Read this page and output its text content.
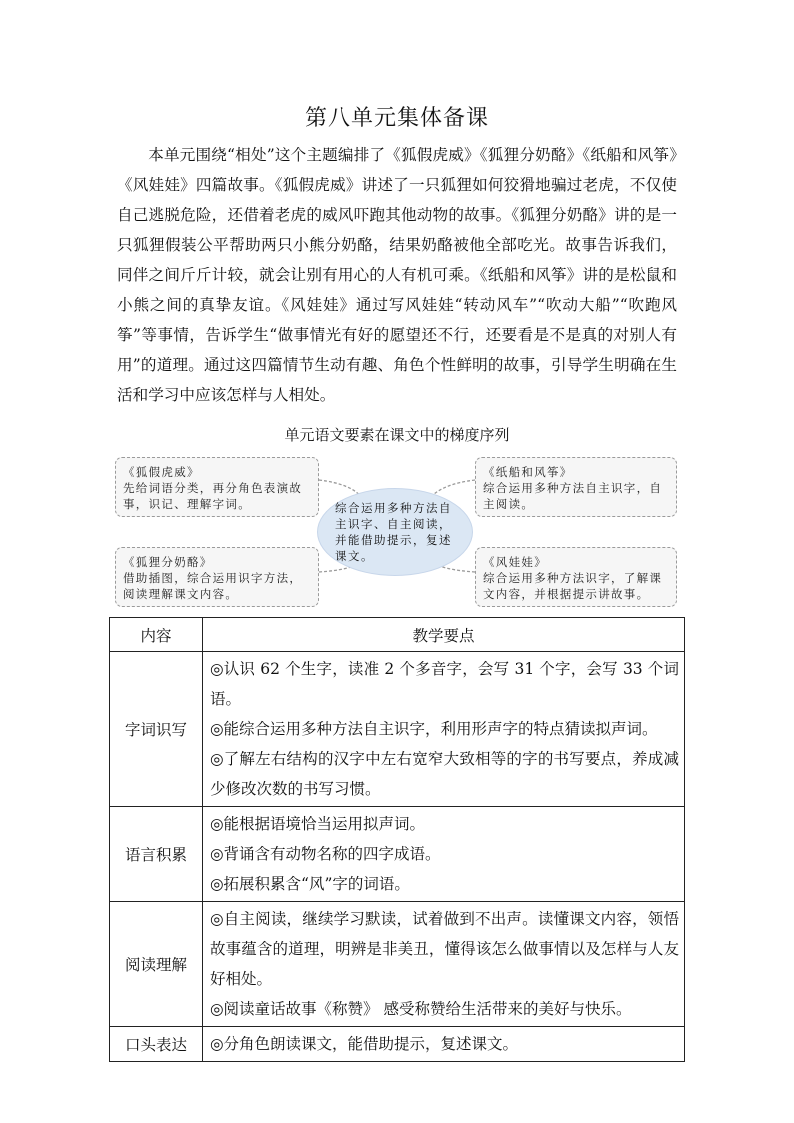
第八单元集体备课
本单元围绕“相处”这个主题编排了《狐假虎威》《狐狸分奶酪》《纸船和风筝》《风娃娃》四篇故事。《狐假虎威》讲述了一只狐狸如何狡猾地骗过老虎，不仅使自己逃脱危险，还借着老虎的威风吓跑其他动物的故事。《狐狸分奶酪》讲的是一只狐狸假装公平帮助两只小熊分奶酪，结果奶酪被他全部吃光。故事告诉我们，同伴之间斤斤计较，就会让别有用心的人有机可乘。《纸船和风筝》讲的是松鼠和小熊之间的真挚友谊。《风娃娃》通过写风娃娃“转动风车”“吹动大船”“吹跑风筝”等事情，告诉学生“做事情光有好的愿望还不行，还要看是不是真的对别人有用”的道理。通过这四篇情节生动有趣、角色个性鲜明的故事，引导学生明确在生活和学习中应该怎样与人相处。
单元语文要素在课文中的梯度序列
《狐假虎威》
先给词语分类，再分角色表演故事，识记、理解字词。
《纸船和风筝》
综合运用多种方法自主识字，自主阅读。
《狐狸分奶酪》
借助插图，综合运用识字方法，阅读理解课文内容。
《风娃娃》
综合运用多种方法识字，了解课文内容，并根据提示讲故事。
综合运用多种方法自主识字、自主阅读，并能借助提示，复述课文。
内容	教学要点
字词识写	◎认识 62 个生字，读准 2 个多音字，会写 31 个字，会写 33 个词语。
◎能综合运用多种方法自主识字，利用形声字的特点猜读拟声词。
◎了解左右结构的汉字中左右宽窄大致相等的字的书写要点，养成减少修改次数的书写习惯。

语言积累	◎能根据语境恰当运用拟声词。
◎背诵含有动物名称的四字成语。
◎拓展积累含“风”字的词语。

阅读理解	◎自主阅读，继续学习默读，试着做到不出声。读懂课文内容，领悟故事蕴含的道理，明辨是非美丑，懂得该怎么做事情以及怎样与人友好相处。
◎阅读童话故事《称赞》 感受称赞给生活带来的美好与快乐。

口头表达	◎分角色朗读课文，能借助提示，复述课文。
